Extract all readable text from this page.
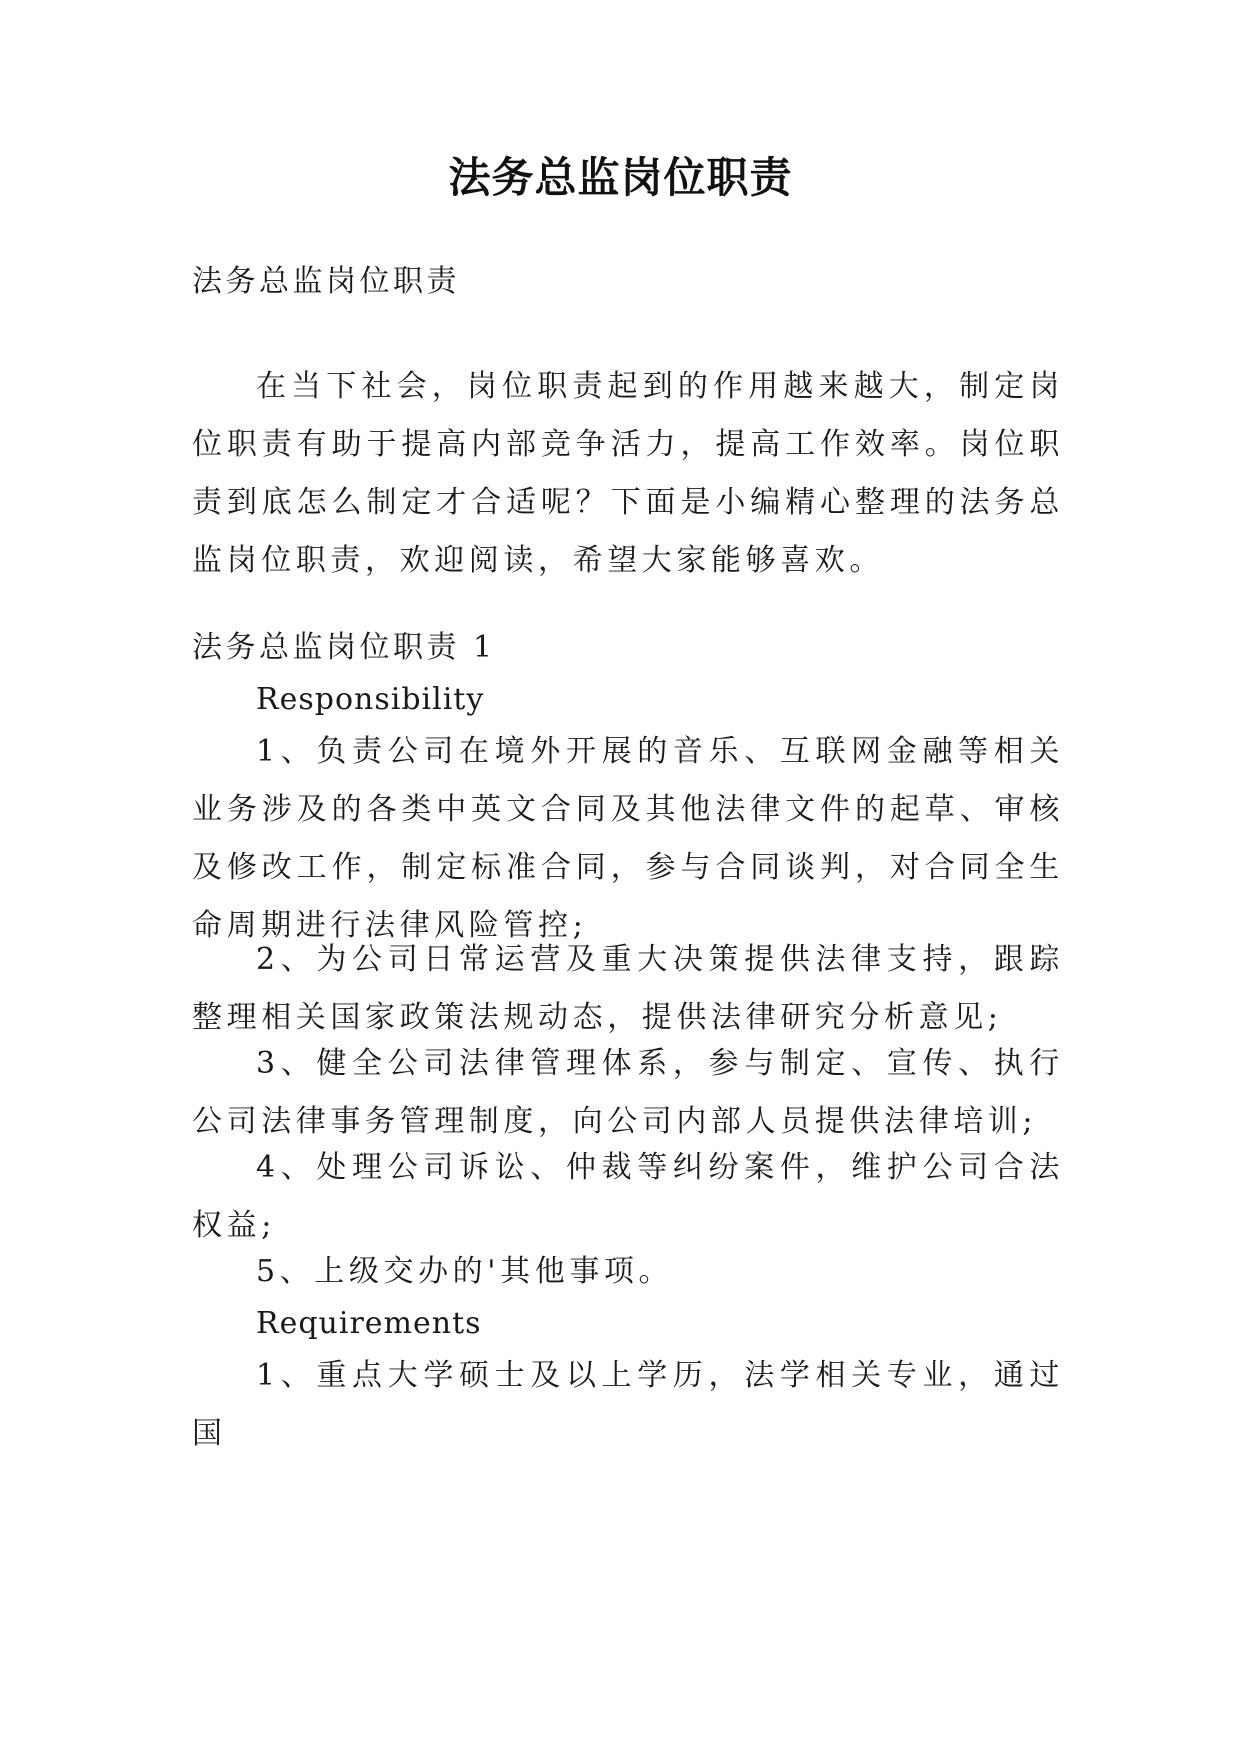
法务总监岗位职责
法务总监岗位职责
在当下社会，岗位职责起到的作用越来越大，制定岗位职责有助于提高内部竞争活力，提高工作效率。岗位职责到底怎么制定才合适呢？下面是小编精心整理的法务总监岗位职责，欢迎阅读，希望大家能够喜欢。
法务总监岗位职责 1
Responsibility
1、负责公司在境外开展的音乐、互联网金融等相关业务涉及的各类中英文合同及其他法律文件的起草、审核及修改工作，制定标准合同，参与合同谈判，对合同全生命周期进行法律风险管控;
2、为公司日常运营及重大决策提供法律支持，跟踪整理相关国家政策法规动态，提供法律研究分析意见;
3、健全公司法律管理体系，参与制定、宣传、执行公司法律事务管理制度，向公司内部人员提供法律培训;
4、处理公司诉讼、仲裁等纠纷案件，维护公司合法权益;
5、上级交办的'其他事项。
Requirements
1、重点大学硕士及以上学历，法学相关专业，通过国
